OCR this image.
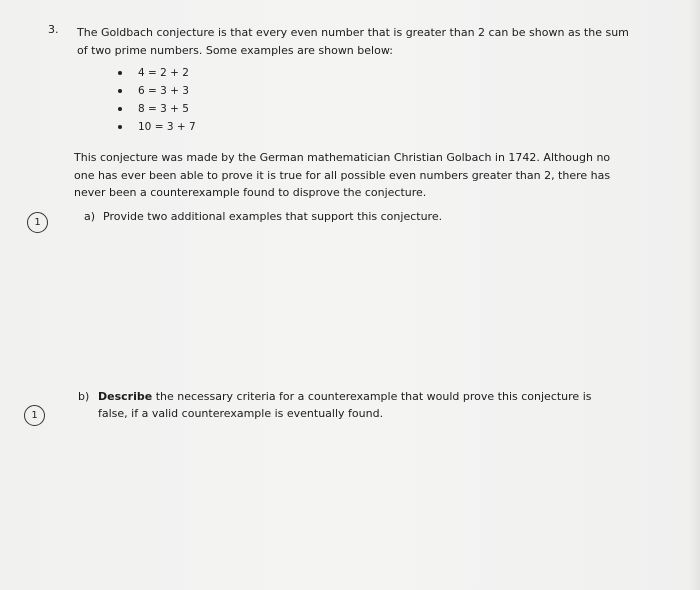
3. The Goldbach conjecture is that every even number that is greater than 2 can be shown as the sum of two prime numbers. Some examples are shown below:

4 = 2 + 2
6 = 3 + 3
8 = 3 + 5
10 = 3 + 7

This conjecture was made by the German mathematician Christian Golbach in 1742. Although no one has ever been able to prove it is true for all possible even numbers greater than 2, there has never been a counterexample found to disprove the conjecture.

1	a) Provide two additional examples that support this conjecture.
1
b) Describe the necessary criteria for a counterexample that would prove this conjecture is false, if a valid counterexample is eventually found.
